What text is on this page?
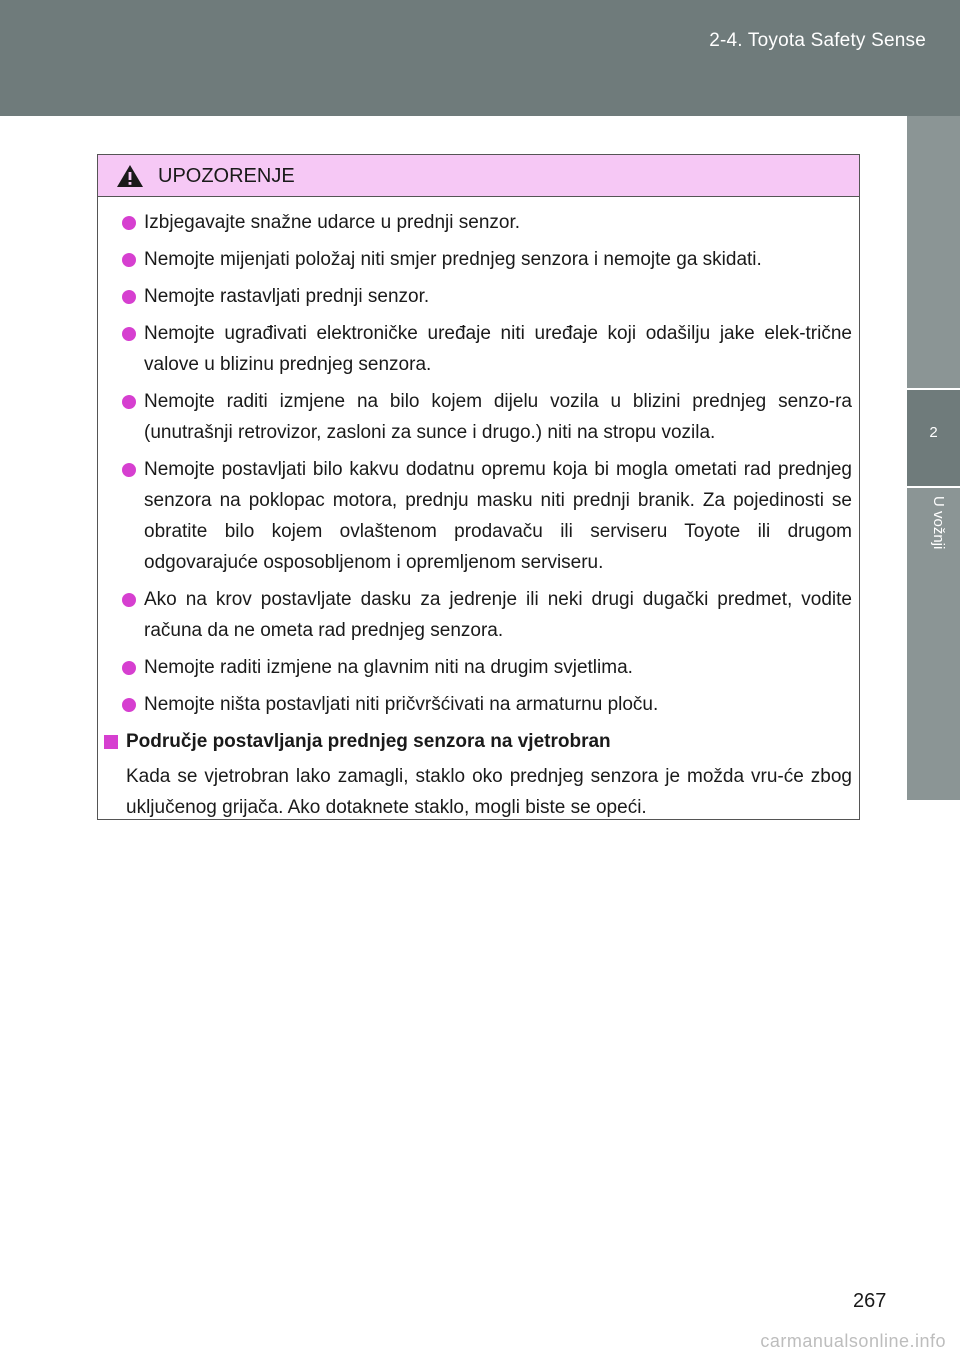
2-4. Toyota Safety Sense
2
U vožnji
UPOZORENJE
Izbjegavajte snažne udarce u prednji senzor.
Nemojte mijenjati položaj niti smjer prednjeg senzora i nemojte ga skidati.
Nemojte rastavljati prednji senzor.
Nemojte ugrađivati elektroničke uređaje niti uređaje koji odašilju jake elek-trične valove u blizinu prednjeg senzora.
Nemojte raditi izmjene na bilo kojem dijelu vozila u blizini prednjeg senzo-ra (unutrašnji retrovizor, zasloni za sunce i drugo.) niti na stropu vozila.
Nemojte postavljati bilo kakvu dodatnu opremu koja bi mogla ometati rad prednjeg senzora na poklopac motora, prednju masku niti prednji branik. Za pojedinosti se obratite bilo kojem ovlaštenom prodavaču ili serviseru Toyote ili drugom odgovarajuće osposobljenom i opremljenom serviseru.
Ako na krov postavljate dasku za jedrenje ili neki drugi dugački predmet, vodite računa da ne ometa rad prednjeg senzora.
Nemojte raditi izmjene na glavnim niti na drugim svjetlima.
Nemojte ništa postavljati niti pričvršćivati na armaturnu ploču.
Područje postavljanja prednjeg senzora na vjetrobran
Kada se vjetrobran lako zamagli, staklo oko prednjeg senzora je možda vru-će zbog uključenog grijača. Ako dotaknete staklo, mogli biste se opeći.
267
carmanualsonline.info
